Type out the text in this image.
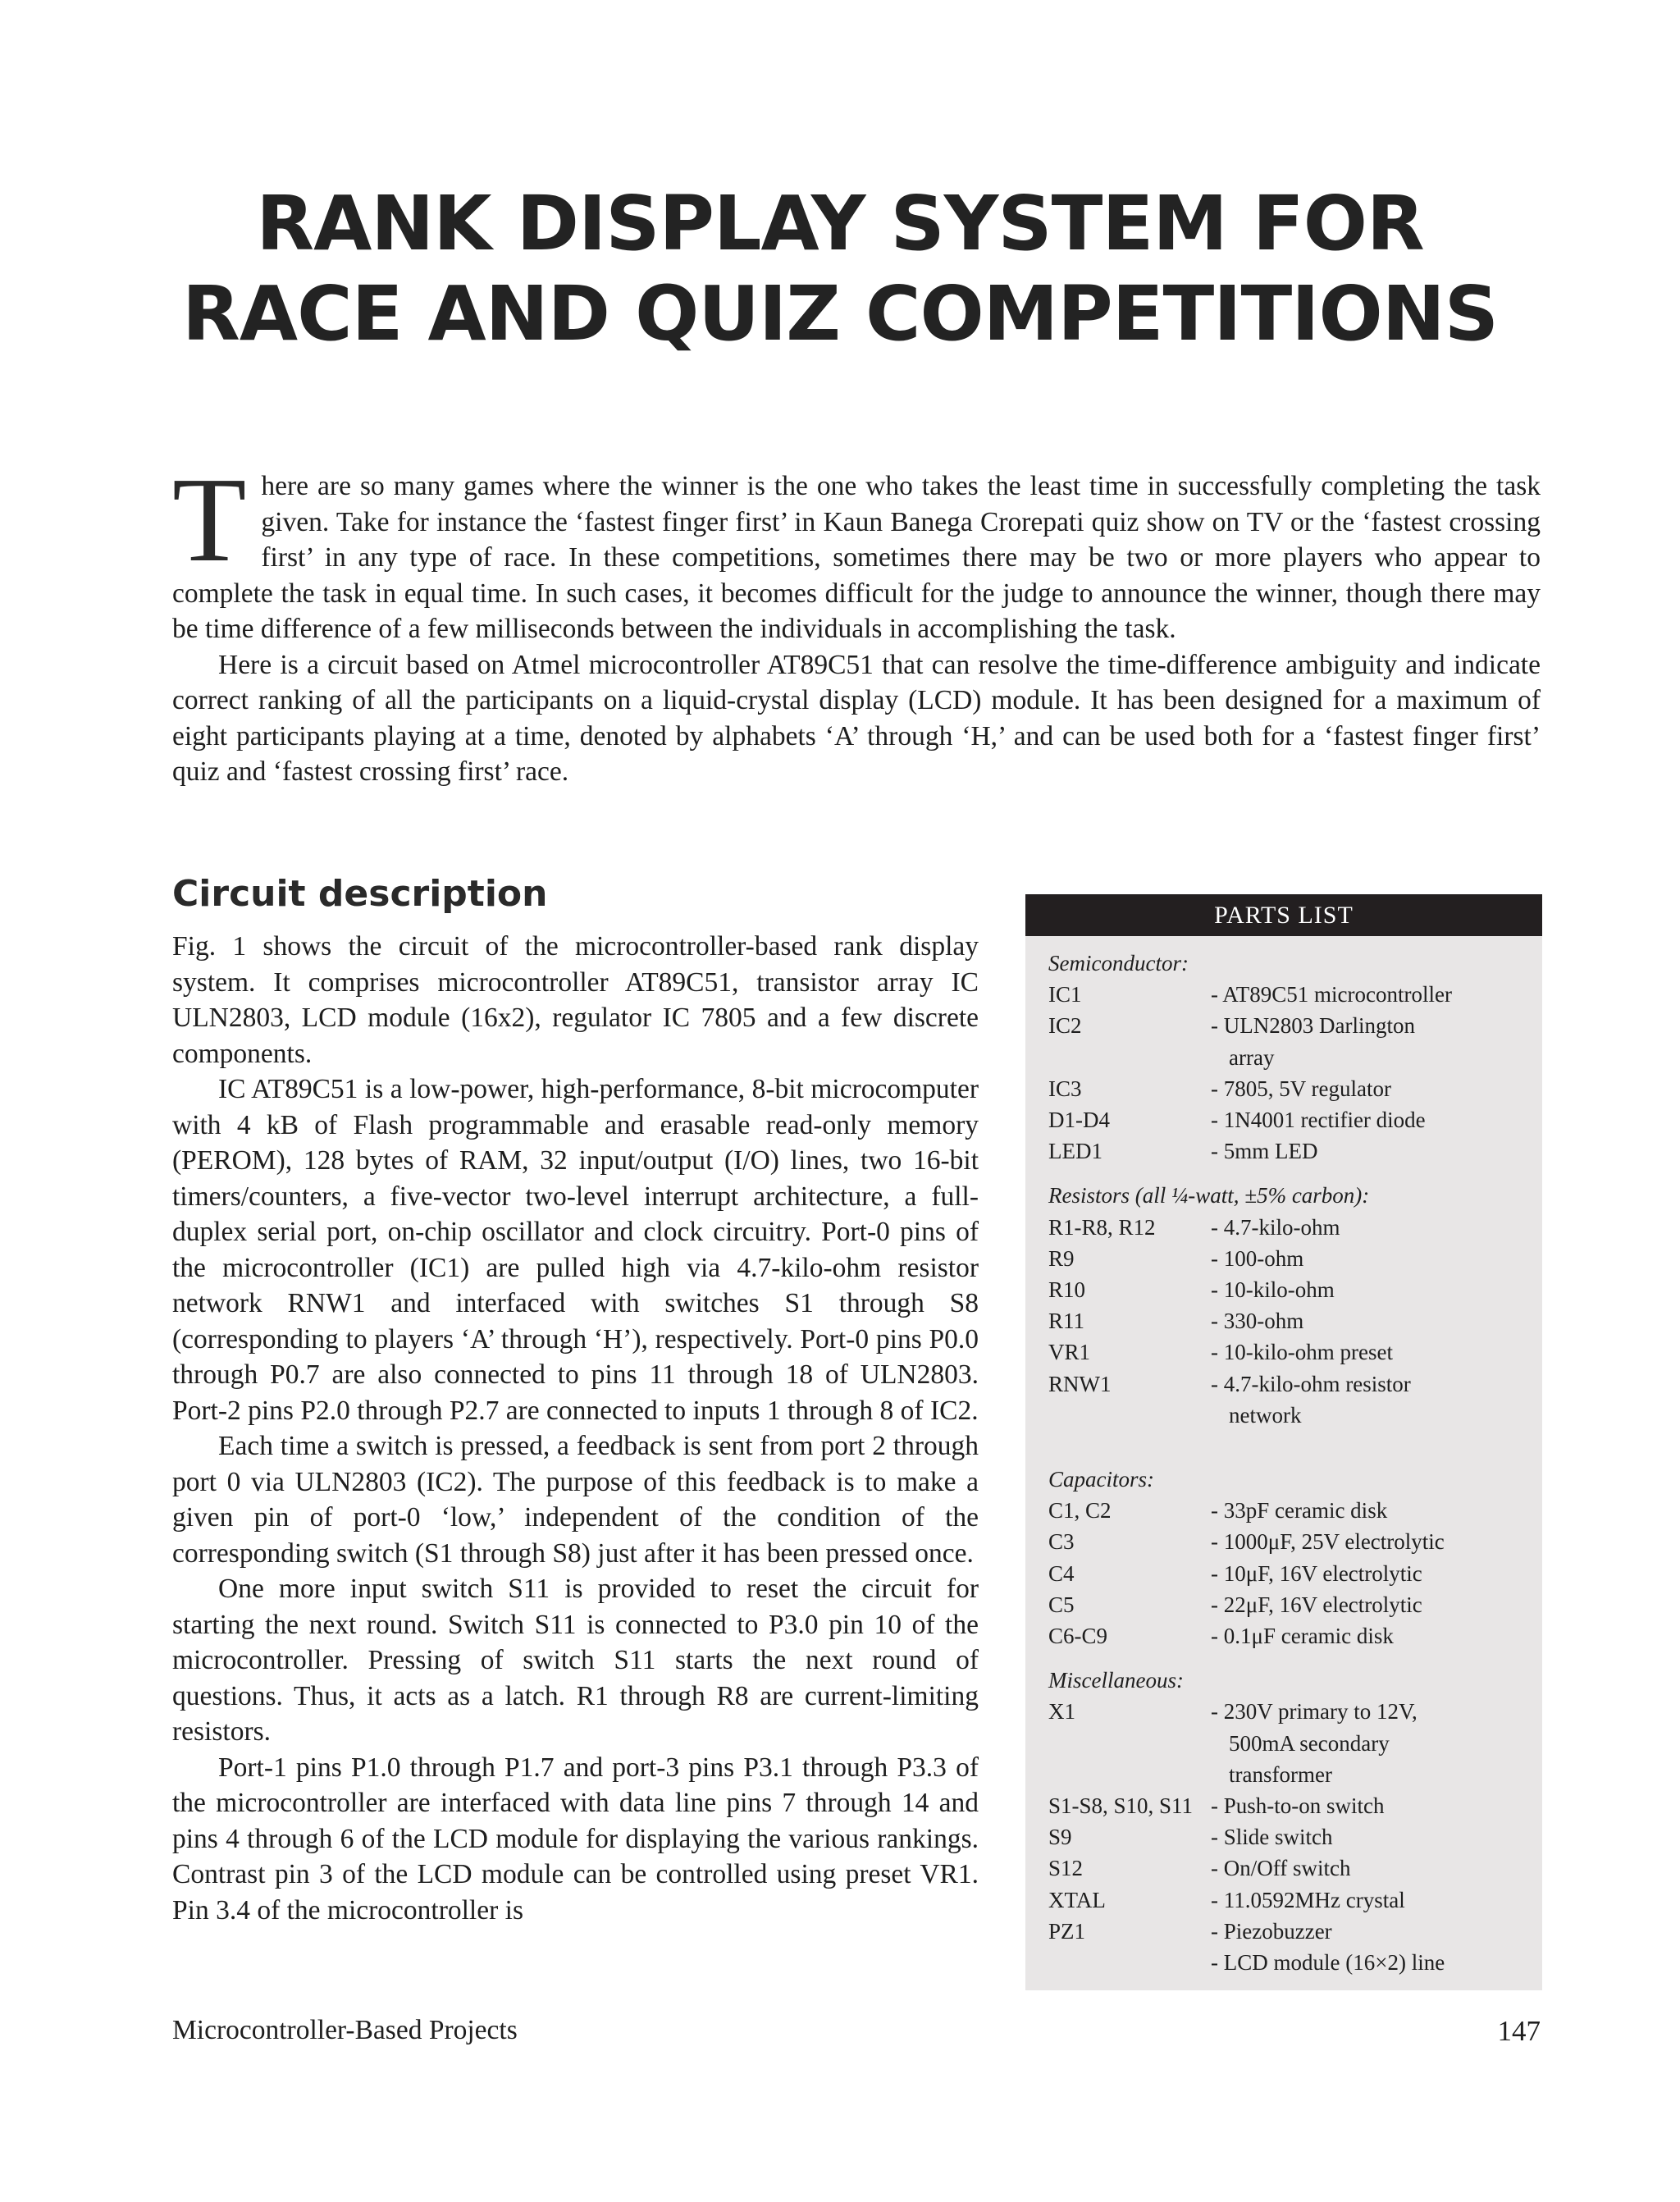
RANK DISPLAY SYSTEM FOR
RACE AND QUIZ COMPETITIONS

There are so many games where the winner is the one who takes the least time in successfully completing the task given. Take for instance the ‘fastest finger first’ in Kaun Banega Crorepati quiz show on TV or the ‘fastest crossing first’ in any type of race. In these competitions, sometimes there may be two or more players who appear to complete the task in equal time. In such cases, it becomes difficult for the judge to announce the winner, though there may be time difference of a few milliseconds between the individuals in accomplishing the task.

Here is a circuit based on Atmel microcontroller AT89C51 that can resolve the time-difference ambiguity and indicate correct ranking of all the participants on a liquid-crystal display (LCD) module. It has been designed for a maximum of eight participants playing at a time, denoted by alphabets ‘A’ through ‘H,’ and can be used both for a ‘fastest finger first’ quiz and ‘fastest crossing first’ race.

Circuit description

Fig. 1 shows the circuit of the microcontroller-based rank display system. It comprises microcontroller AT89C51, transistor array IC ULN2803, LCD module (16x2), regulator IC 7805 and a few discrete components.

IC AT89C51 is a low-power, high-performance, 8-bit microcomputer with 4 kB of Flash programmable and erasable read-only memory (PEROM), 128 bytes of RAM, 32 input/output (I/O) lines, two 16-bit timers/counters, a five-vector two-level interrupt architecture, a full-duplex serial port, on-chip oscillator and clock circuitry. Port-0 pins of the microcontroller (IC1) are pulled high via 4.7-kilo-ohm resistor network RNW1 and interfaced with switches S1 through S8 (corresponding to players ‘A’ through ‘H’), respectively. Port-0 pins P0.0 through P0.7 are also connected to pins 11 through 18 of ULN2803. Port-2 pins P2.0 through P2.7 are connected to inputs 1 through 8 of IC2.

Each time a switch is pressed, a feedback is sent from port 2 through port 0 via ULN2803 (IC2). The purpose of this feedback is to make a given pin of port-0 ‘low,’ independent of the condition of the corresponding switch (S1 through S8) just after it has been pressed once.

One more input switch S11 is provided to reset the circuit for starting the next round. Switch S11 is connected to P3.0 pin 10 of the microcontroller. Pressing of switch S11 starts the next round of questions. Thus, it acts as a latch. R1 through R8 are current-limiting resistors.

Port-1 pins P1.0 through P1.7 and port-3 pins P3.1 through P3.3 of the microcontroller are interfaced with data line pins 7 through 14 and pins 4 through 6 of the LCD module for displaying the various rankings. Contrast pin 3 of the LCD module can be controlled using preset VR1. Pin 3.4 of the microcontroller is

PARTS LIST
Semiconductor:
IC1	- AT89C51 microcontroller
IC2	- ULN2803 Darlington array
IC3	- 7805, 5V regulator
D1-D4	- 1N4001 rectifier diode
LED1	- 5mm LED
Resistors (all ¼-watt, ±5% carbon):
R1-R8, R12	- 4.7-kilo-ohm
R9	- 100-ohm
R10	- 10-kilo-ohm
R11	- 330-ohm
VR1	- 10-kilo-ohm preset
RNW1	- 4.7-kilo-ohm resistor network
Capacitors:
C1, C2	- 33pF ceramic disk
C3	- 1000μF, 25V electrolytic
C4	- 10μF, 16V electrolytic
C5	- 22μF, 16V electrolytic
C6-C9	- 0.1μF ceramic disk
Miscellaneous:
X1	- 230V primary to 12V, 500mA secondary transformer
S1-S8, S10, S11 - Push-to-on switch
S9	- Slide switch
S12	- On/Off switch
XTAL	- 11.0592MHz crystal
PZ1	- Piezobuzzer
- LCD module (16×2) line
Microcontroller-Based Projects	147
